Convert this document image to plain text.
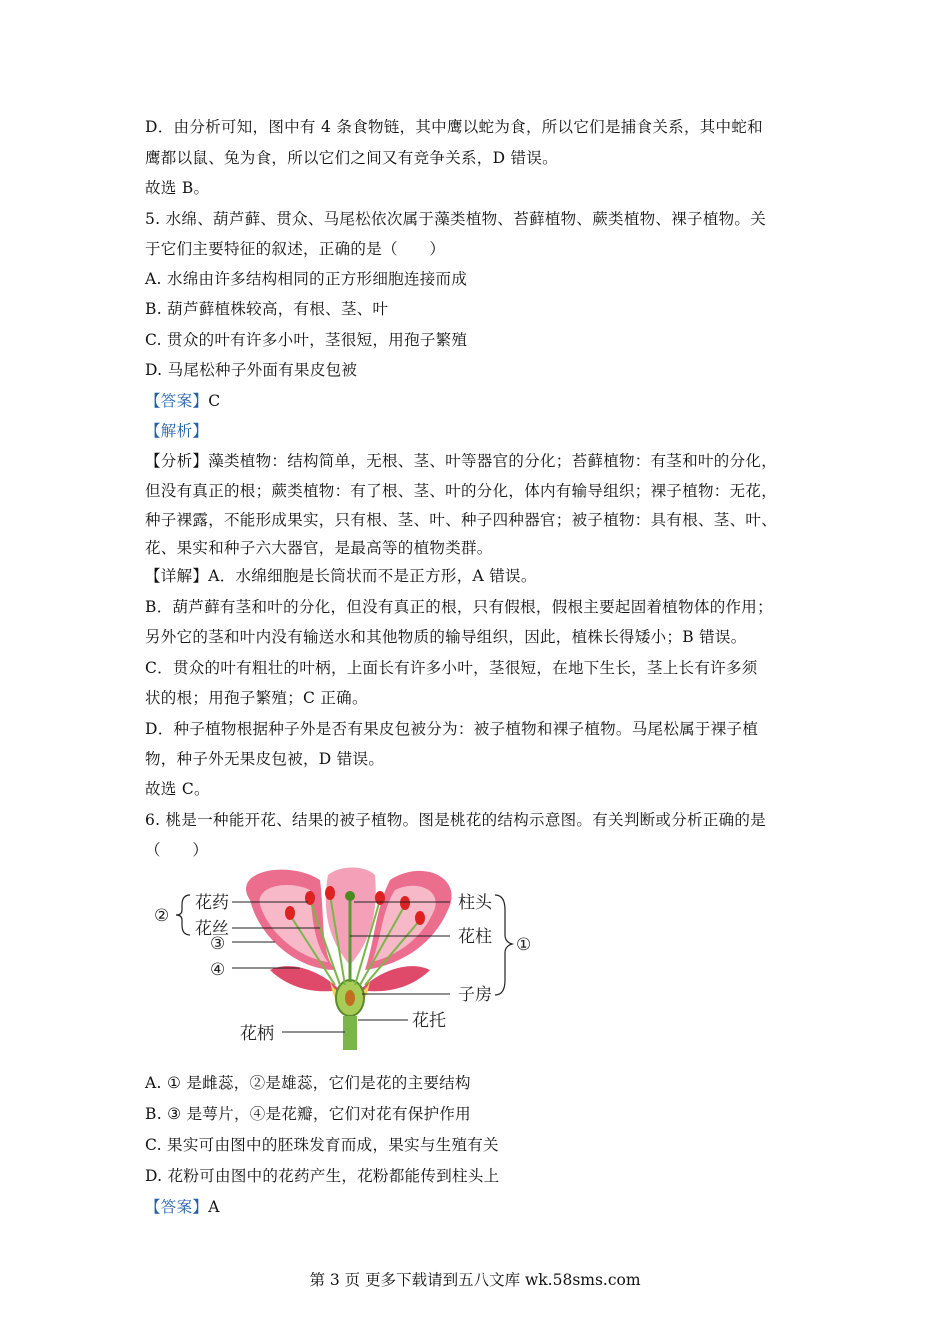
D．由分析可知，图中有 4 条食物链，其中鹰以蛇为食，所以它们是捕食关系，其中蛇和
鹰都以鼠、兔为食，所以它们之间又有竞争关系，D 错误。
故选 B。
5. 水绵、葫芦藓、贯众、马尾松依次属于藻类植物、苔藓植物、蕨类植物、裸子植物。关
于它们主要特征的叙述，正确的是（　　）
A. 水绵由许多结构相同的正方形细胞连接而成
B. 葫芦藓植株较高，有根、茎、叶
C. 贯众的叶有许多小叶，茎很短，用孢子繁殖
D. 马尾松种子外面有果皮包被
【答案】C
【解析】
【分析】藻类植物：结构简单，无根、茎、叶等器官的分化；苔藓植物：有茎和叶的分化，
但没有真正的根；蕨类植物：有了根、茎、叶的分化，体内有输导组织；裸子植物：无花，
种子裸露，不能形成果实，只有根、茎、叶、种子四种器官；被子植物：具有根、茎、叶、
花、果实和种子六大器官，是最高等的植物类群。
【详解】A．水绵细胞是长筒状而不是正方形，A 错误。
B．葫芦藓有茎和叶的分化，但没有真正的根，只有假根，假根主要起固着植物体的作用；
另外它的茎和叶内没有输送水和其他物质的输导组织，因此，植株长得矮小；B 错误。
C．贯众的叶有粗壮的叶柄，上面长有许多小叶，茎很短，在地下生长，茎上长有许多须
状的根；用孢子繁殖；C 正确。
D．种子植物根据种子外是否有果皮包被分为：被子植物和裸子植物。马尾松属于裸子植
物，种子外无果皮包被，D 错误。
故选 C。
6. 桃是一种能开花、结果的被子植物。图是桃花的结构示意图。有关判断或分析正确的是
（　　）
花药
花丝
②
③
④
花柄
柱头
花柱 ①
子房
花托
A. ① 是雌蕊，②是雄蕊，它们是花的主要结构
B. ③ 是萼片，④是花瓣，它们对花有保护作用
C. 果实可由图中的胚珠发育而成，果实与生殖有关
D. 花粉可由图中的花药产生，花粉都能传到柱头上
【答案】A
第 3 页 更多下载请到五八文库 wk.58sms.com
